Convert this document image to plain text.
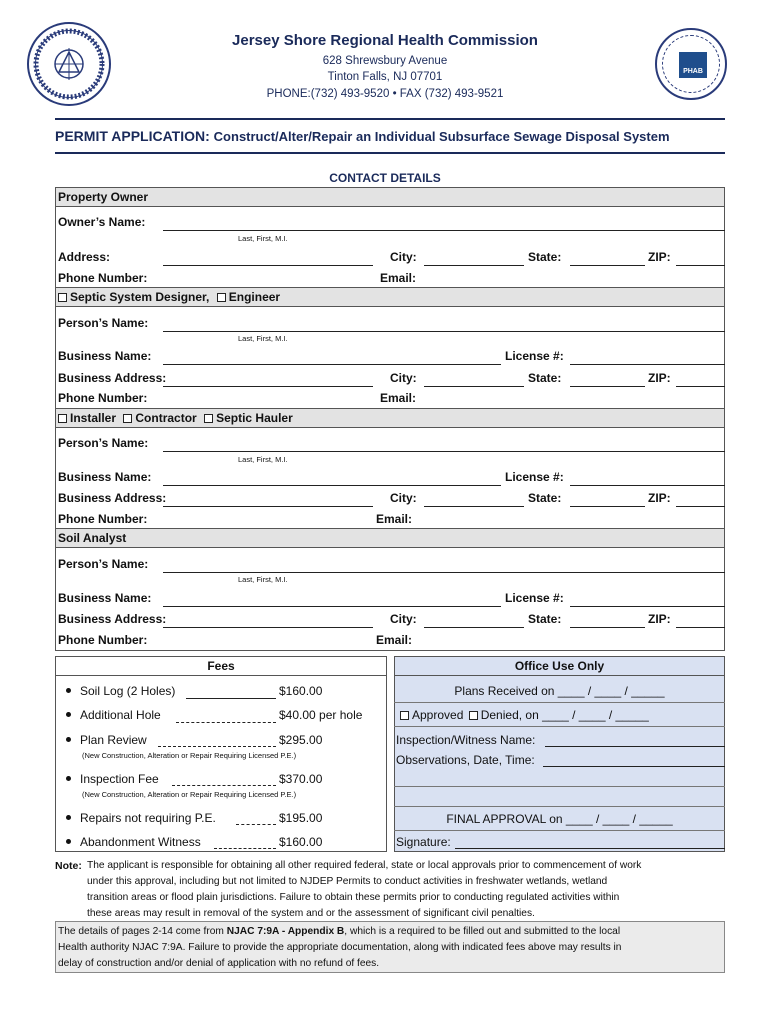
Jersey Shore Regional Health Commission
628 Shrewsbury Avenue
Tinton Falls, NJ 07701
PHONE:(732) 493-9520 • FAX (732) 493-9521
PHAB
PERMIT APPLICATION: Construct/Alter/Repair an Individual Subsurface Sewage Disposal System
CONTACT DETAILS
Property Owner
Owner’s Name:
Last, First, M.I.
Address:	City:	State:	ZIP:
Phone Number:	Email:
Septic System Designer, Engineer
Person’s Name:
Last, First, M.I.
Business Name:	License #:
Business Address:	City:	State:	ZIP:
Phone Number:	Email:
Installer Contractor Septic Hauler
Person’s Name:
Last, First, M.I.
Business Name:	License #:
Business Address:	City:	State:	ZIP:
Phone Number:	Email:
Soil Analyst
Person’s Name:
Last, First, M.I.
Business Name:	License #:
Business Address:	City:	State:	ZIP:
Phone Number:	Email:
Fees
Soil Log (2 Holes)	$160.00
Additional Hole	$40.00 per hole
Plan Review	$295.00
(New Construction, Alteration or Repair Requiring Licensed P.E.)
Inspection Fee	$370.00
(New Construction, Alteration or Repair Requiring Licensed P.E.)
Repairs not requiring P.E.	$195.00
Abandonment Witness	$160.00
Office Use Only
Plans Received on ____ / ____ / _____
Approved Denied, on ____ / ____ / _____
Inspection/Witness Name:
Observations, Date, Time:
FINAL APPROVAL on ____ / ____ / _____
Signature:
Note: The applicant is responsible for obtaining all other required federal, state or local approvals prior to commencement of work
under this approval, including but not limited to NJDEP Permits to conduct activities in freshwater wetlands, wetland
transition areas or flood plain jurisdictions. Failure to obtain these permits prior to conducting regulated activities within
these areas may result in removal of the system and or the assessment of significant civil penalties.
The details of pages 2-14 come from NJAC 7:9A - Appendix B, which is a required to be filled out and submitted to the local
Health authority NJAC 7:9A. Failure to provide the appropriate documentation, along with indicated fees above may results in
delay of construction and/or denial of application with no refund of fees.
